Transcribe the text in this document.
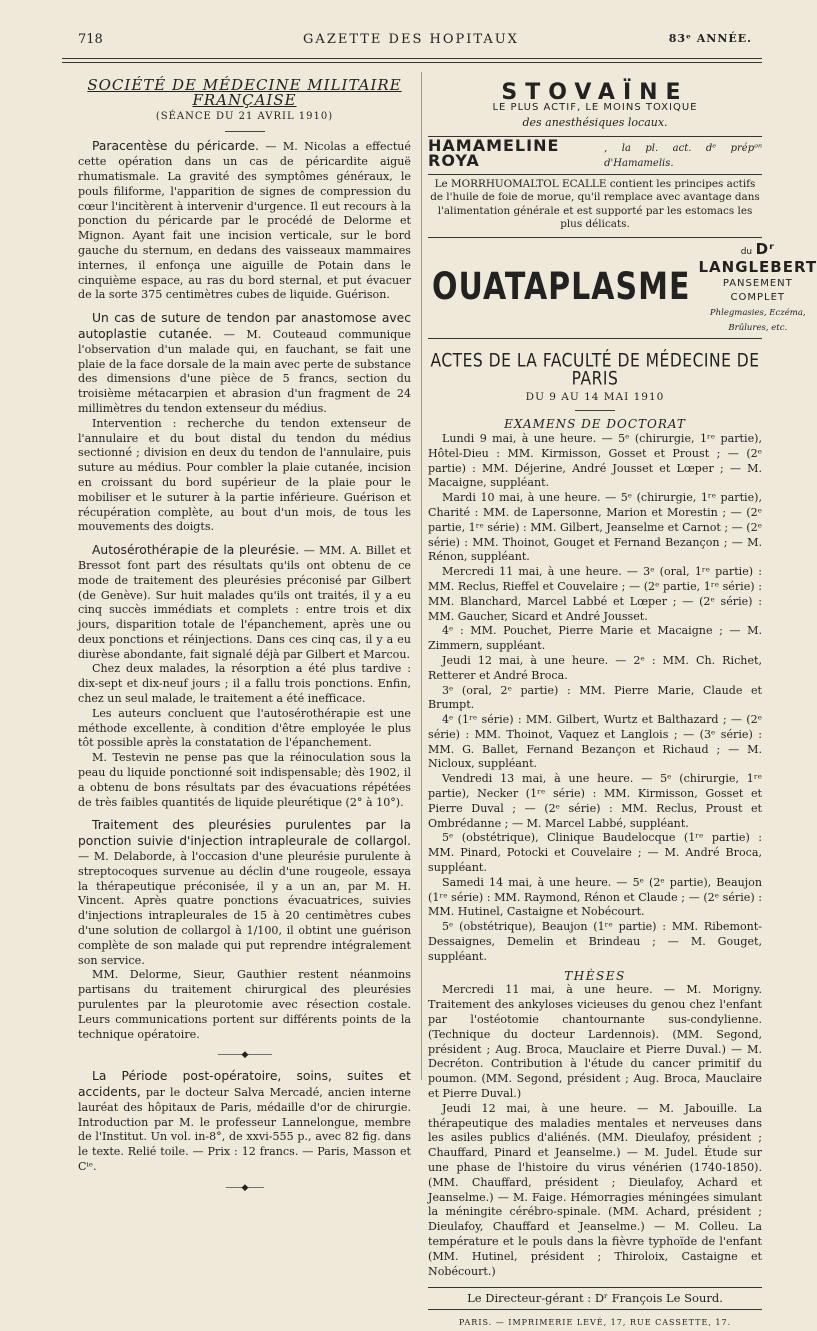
718	GAZETTE DES HOPITAUX	83ᵉ ANNÉE.
SOCIÉTÉ DE MÉDECINE MILITAIRE FRANÇAISE
(SÉANCE DU 21 AVRIL 1910)

Paracentèse du péricarde. — M. Nicolas a effectué cette opération dans un cas de péricardite aiguë rhumatismale. La gravité des symptômes généraux, le pouls filiforme, l'apparition de signes de compression du cœur l'incitèrent à intervenir d'urgence. Il eut recours à la ponction du péricarde par le procédé de Delorme et Mignon. Ayant fait une incision verticale, sur le bord gauche du sternum, en dedans des vaisseaux mammaires internes, il enfonça une aiguille de Potain dans le cinquième espace, au ras du bord sternal, et put évacuer de la sorte 375 centimètres cubes de liquide. Guérison.

Un cas de suture de tendon par anastomose avec autoplastie cutanée. — M. Couteaud communique l'observation d'un malade qui, en fauchant, se fait une plaie de la face dorsale de la main avec perte de substance des dimensions d'une pièce de 5 francs, section du troisième métacarpien et abrasion d'un fragment de 24 millimètres du tendon extenseur du médius.

Intervention : recherche du tendon extenseur de l'annulaire et du bout distal du tendon du médius sectionné ; division en deux du tendon de l'annulaire, puis suture au médius. Pour combler la plaie cutanée, incision en croissant du bord supérieur de la plaie pour le mobiliser et le suturer à la partie inférieure. Guérison et récupération complète, au bout d'un mois, de tous les mouvements des doigts.

Autosérothérapie de la pleurésie. — MM. A. Billet et Bressot font part des résultats qu'ils ont obtenu de ce mode de traitement des pleurésies préconisé par Gilbert (de Genève). Sur huit malades qu'ils ont traités, il y a eu cinq succès immédiats et complets : entre trois et dix jours, disparition totale de l'épanchement, après une ou deux ponctions et réinjections. Dans ces cinq cas, il y a eu diurèse abondante, fait signalé déjà par Gilbert et Marcou.

Chez deux malades, la résorption a été plus tardive : dix-sept et dix-neuf jours ; il a fallu trois ponctions. Enfin, chez un seul malade, le traitement a été inefficace.

Les auteurs concluent que l'autosérothérapie est une méthode excellente, à condition d'être employée le plus tôt possible après la constatation de l'épanchement.

M. Testevin ne pense pas que la réinoculation sous la peau du liquide ponctionné soit indispensable; dès 1902, il a obtenu de bons résultats par des évacuations répétées de très faibles quantités de liquide pleurétique (2° à 10°).

Traitement des pleurésies purulentes par la ponction suivie d'injection intrapleurale de collargol. — M. Delaborde, à l'occasion d'une pleurésie purulente à streptocoques survenue au déclin d'une rougeole, essaya la thérapeutique préconisée, il y a un an, par M. H. Vincent. Après quatre ponctions évacuatrices, suivies d'injections intrapleurales de 15 à 20 centimètres cubes d'une solution de collargol à 1/100, il obtint une guérison complète de son malade qui put reprendre intégralement son service.

MM. Delorme, Sieur, Gauthier restent néanmoins partisans du traitement chirurgical des pleurésies purulentes par la pleurotomie avec résection costale. Leurs communications portent sur différents points de la technique opératoire.

———◆———

La Période post-opératoire, soins, suites et accidents, par le docteur Salva Mercadé, ancien interne lauréat des hôpitaux de Paris, médaille d'or de chirurgie. Introduction par M. le professeur Lannelongue, membre de l'Institut. Un vol. in-8°, de xxvi-555 p., avec 82 fig. dans le texte. Relié toile. — Prix : 12 francs. — Paris, Masson et Cⁱᵉ.

——◆——
STOVAÏNE
LE PLUS ACTIF, LE MOINS TOXIQUE
des anesthésiques locaux.
HAMAMELINE ROYA
, la pl. act. dᵉ prépᵒⁿ d'Hamamelis.
Le MORRHUOMALTOL ECALLE contient les principes actifs de l'huile de foie de morue, qu'il remplace avec avantage dans l'alimentation générale et est supporté par les estomacs les plus délicats.
OUATAPLASME
du Dʳ LANGLEBERT
PANSEMENT COMPLET
Phlegmasies, Eczéma, Brûlures, etc.
ACTES DE LA FACULTÉ DE MÉDECINE DE PARIS
DU 9 AU 14 MAI 1910
EXAMENS DE DOCTORAT

Lundi 9 mai, à une heure. — 5ᵉ (chirurgie, 1ʳᵉ partie), Hôtel-Dieu : MM. Kirmisson, Gosset et Proust ; — (2ᵉ partie) : MM. Déjerine, André Jousset et Lœper ; — M. Macaigne, suppléant.

Mardi 10 mai, à une heure. — 5ᵉ (chirurgie, 1ʳᵉ partie), Charité : MM. de Lapersonne, Marion et Morestin ; — (2ᵉ partie, 1ʳᵉ série) : MM. Gilbert, Jeanselme et Carnot ; — (2ᵉ série) : MM. Thoinot, Gouget et Fernand Bezançon ; — M. Rénon, suppléant.

Mercredi 11 mai, à une heure. — 3ᵉ (oral, 1ʳᵉ partie) : MM. Reclus, Rieffel et Couvelaire ; — (2ᵉ partie, 1ʳᵉ série) : MM. Blanchard, Marcel Labbé et Lœper ; — (2ᵉ série) : MM. Gaucher, Sicard et André Jousset.

4ᵉ : MM. Pouchet, Pierre Marie et Macaigne ; — M. Zimmern, suppléant.

Jeudi 12 mai, à une heure. — 2ᵉ : MM. Ch. Richet, Retterer et André Broca.

3ᵉ (oral, 2ᵉ partie) : MM. Pierre Marie, Claude et Brumpt.

4ᵉ (1ʳᵉ série) : MM. Gilbert, Wurtz et Balthazard ; — (2ᵉ série) : MM. Thoinot, Vaquez et Langlois ; — (3ᵉ série) : MM. G. Ballet, Fernand Bezançon et Richaud ; — M. Nicloux, suppléant.

Vendredi 13 mai, à une heure. — 5ᵉ (chirurgie, 1ʳᵉ partie), Necker (1ʳᵉ série) : MM. Kirmisson, Gosset et Pierre Duval ; — (2ᵉ série) : MM. Reclus, Proust et Ombrédanne ; — M. Marcel Labbé, suppléant.

5ᵉ (obstétrique), Clinique Baudelocque (1ʳᵉ partie) : MM. Pinard, Potocki et Couvelaire ; — M. André Broca, suppléant.

Samedi 14 mai, à une heure. — 5ᵉ (2ᵉ partie), Beaujon (1ʳᵉ série) : MM. Raymond, Rénon et Claude ; — (2ᵉ série) : MM. Hutinel, Castaigne et Nobécourt.

5ᵉ (obstétrique), Beaujon (1ʳᵉ partie) : MM. Ribemont-Dessaignes, Demelin et Brindeau ; — M. Gouget, suppléant.

THÈSES

Mercredi 11 mai, à une heure. — M. Morigny. Traitement des ankyloses vicieuses du genou chez l'enfant par l'ostéotomie chantournante sus-condylienne. (Technique du docteur Lardennois). (MM. Segond, président ; Aug. Broca, Mauclaire et Pierre Duval.) — M. Decréton. Contribution à l'étude du cancer primitif du poumon. (MM. Segond, président ; Aug. Broca, Mauclaire et Pierre Duval.)

Jeudi 12 mai, à une heure. — M. Jabouille. La thérapeutique des maladies mentales et nerveuses dans les asiles publics d'aliénés. (MM. Dieulafoy, président ; Chauffard, Pinard et Jeanselme.) — M. Judel. Étude sur une phase de l'histoire du virus vénérien (1740-1850). (MM. Chauffard, président ; Dieulafoy, Achard et Jeanselme.) — M. Faige. Hémorragies méningées simulant la méningite cérébro-spinale. (MM. Achard, président ; Dieulafoy, Chauffard et Jeanselme.) — M. Colleu. La température et le pouls dans la fièvre typhoïde de l'enfant (MM. Hutinel, président ; Thiroloix, Castaigne et Nobécourt.)

Le Directeur-gérant : Dʳ François Le Sourd.
PARIS. — IMPRIMERIE LEVÉ, 17, RUE CASSETTE, 17.
